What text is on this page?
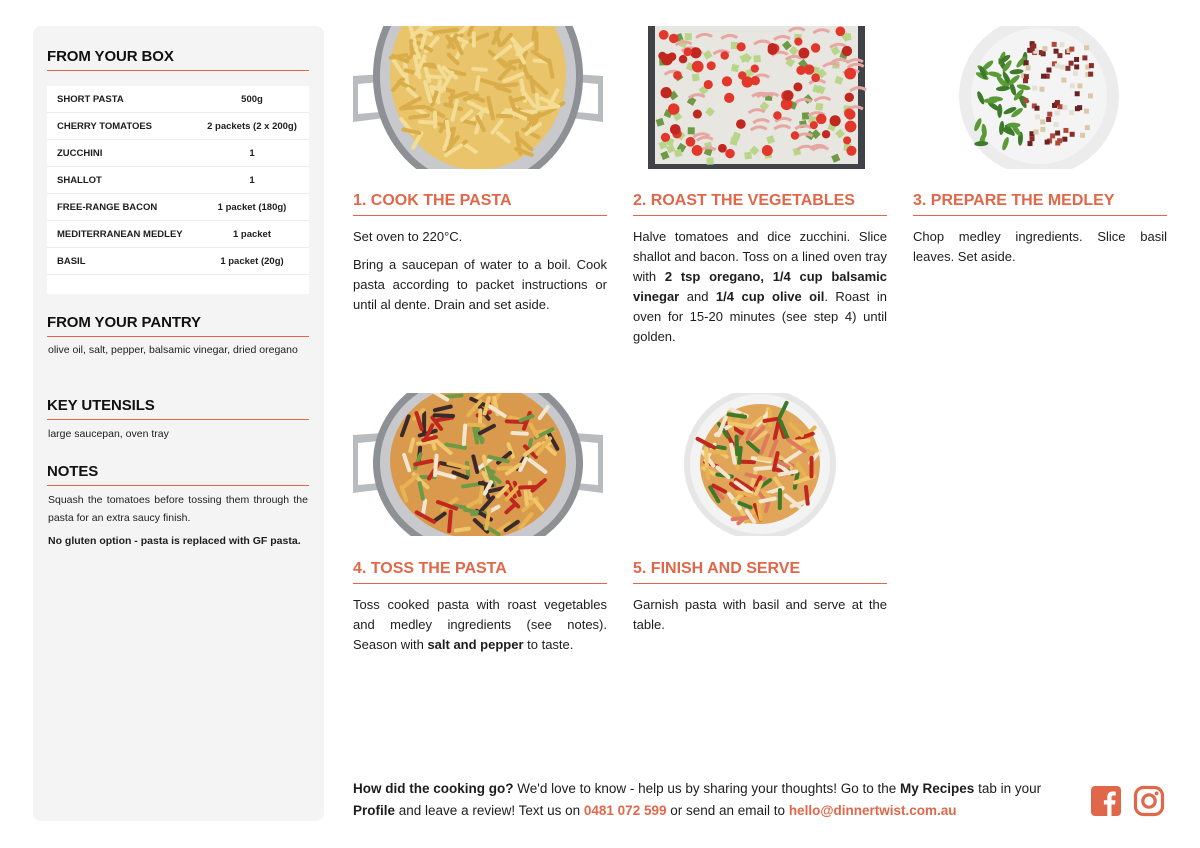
FROM YOUR BOX
SHORT PASTA	500g
CHERRY TOMATOES	2 packets (2 x 200g)
ZUCCHINI	1
SHALLOT	1
FREE-RANGE BACON	1 packet (180g)
MEDITERRANEAN MEDLEY	1 packet
BASIL	1 packet (20g)
FROM YOUR PANTRY

olive oil, salt, pepper, balsamic vinegar, dried oregano

KEY UTENSILS

large saucepan, oven tray

NOTES

Squash the tomatoes before tossing them through the pasta for an extra saucy finish.

No gluten option - pasta is replaced with GF pasta.

1. COOK THE PASTA

Set oven to 220°C.

Bring a saucepan of water to a boil. Cook pasta according to packet instructions or until al dente. Drain and set aside.

2. ROAST THE VEGETABLES

Halve tomatoes and dice zucchini. Slice shallot and bacon. Toss on a lined oven tray with 2 tsp oregano, 1/4 cup balsamic vinegar and 1/4 cup olive oil. Roast in oven for 15-20 minutes (see step 4) until golden.

3. PREPARE THE MEDLEY

Chop medley ingredients. Slice basil leaves. Set aside.

4. TOSS THE PASTA

Toss cooked pasta with roast vegetables and medley ingredients (see notes). Season with salt and pepper to taste.

5. FINISH AND SERVE

Garnish pasta with basil and serve at the table.

How did the cooking go? We'd love to know - help us by sharing your thoughts! Go to the My Recipes tab in your Profile and leave a review! Text us on 0481 072 599 or send an email to hello@dinnertwist.com.au
